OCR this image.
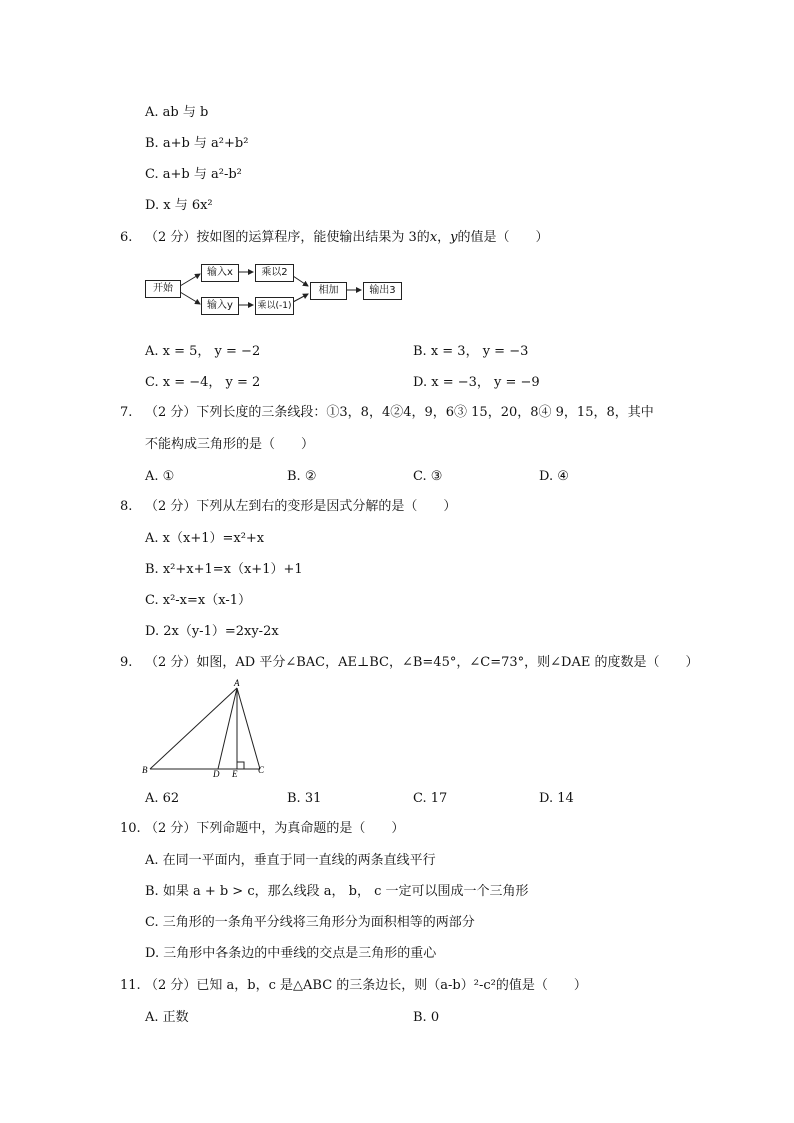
A. ab 与 b
B. a+b 与 a²+b²
C. a+b 与 a²-b²
D. x 与 6x²
6. （2 分）按如图的运算程序，能使输出结果为 3的x，y的值是（　　）
开始
输入x	乘以2
输入y	乘以(-1)
相加	输出3
A. x = 5， y = −2	B. x = 3， y = −3
C. x = −4， y = 2	D. x = −3， y = −9
7. （2 分）下列长度的三条线段：①3，8，4②4，9，6③ 15，20，8④ 9，15，8，其中
不能构成三角形的是（　　）
A. ①	B. ②	C. ③	D. ④
8. （2 分）下列从左到右的变形是因式分解的是（　　）
A. x（x+1）=x²+x
B. x²+x+1=x（x+1）+1
C. x²-x=x（x-1）
D. 2x（y-1）=2xy-2x
9. （2 分）如图，AD 平分∠BAC，AE⊥BC，∠B=45°，∠C=73°，则∠DAE 的度数是（　　）
A
B	C
D E
A. 62	B. 31	C. 17	D. 14
10. （2 分）下列命题中，为真命题的是（　　）
A. 在同一平面内，垂直于同一直线的两条直线平行
B. 如果 a + b > c，那么线段 a， b， c 一定可以围成一个三角形
C. 三角形的一条角平分线将三角形分为面积相等的两部分
D. 三角形中各条边的中垂线的交点是三角形的重心
11. （2 分）已知 a，b，c 是△ABC 的三条边长，则（a-b）²-c²的值是（　　）
A. 正数	B. 0
